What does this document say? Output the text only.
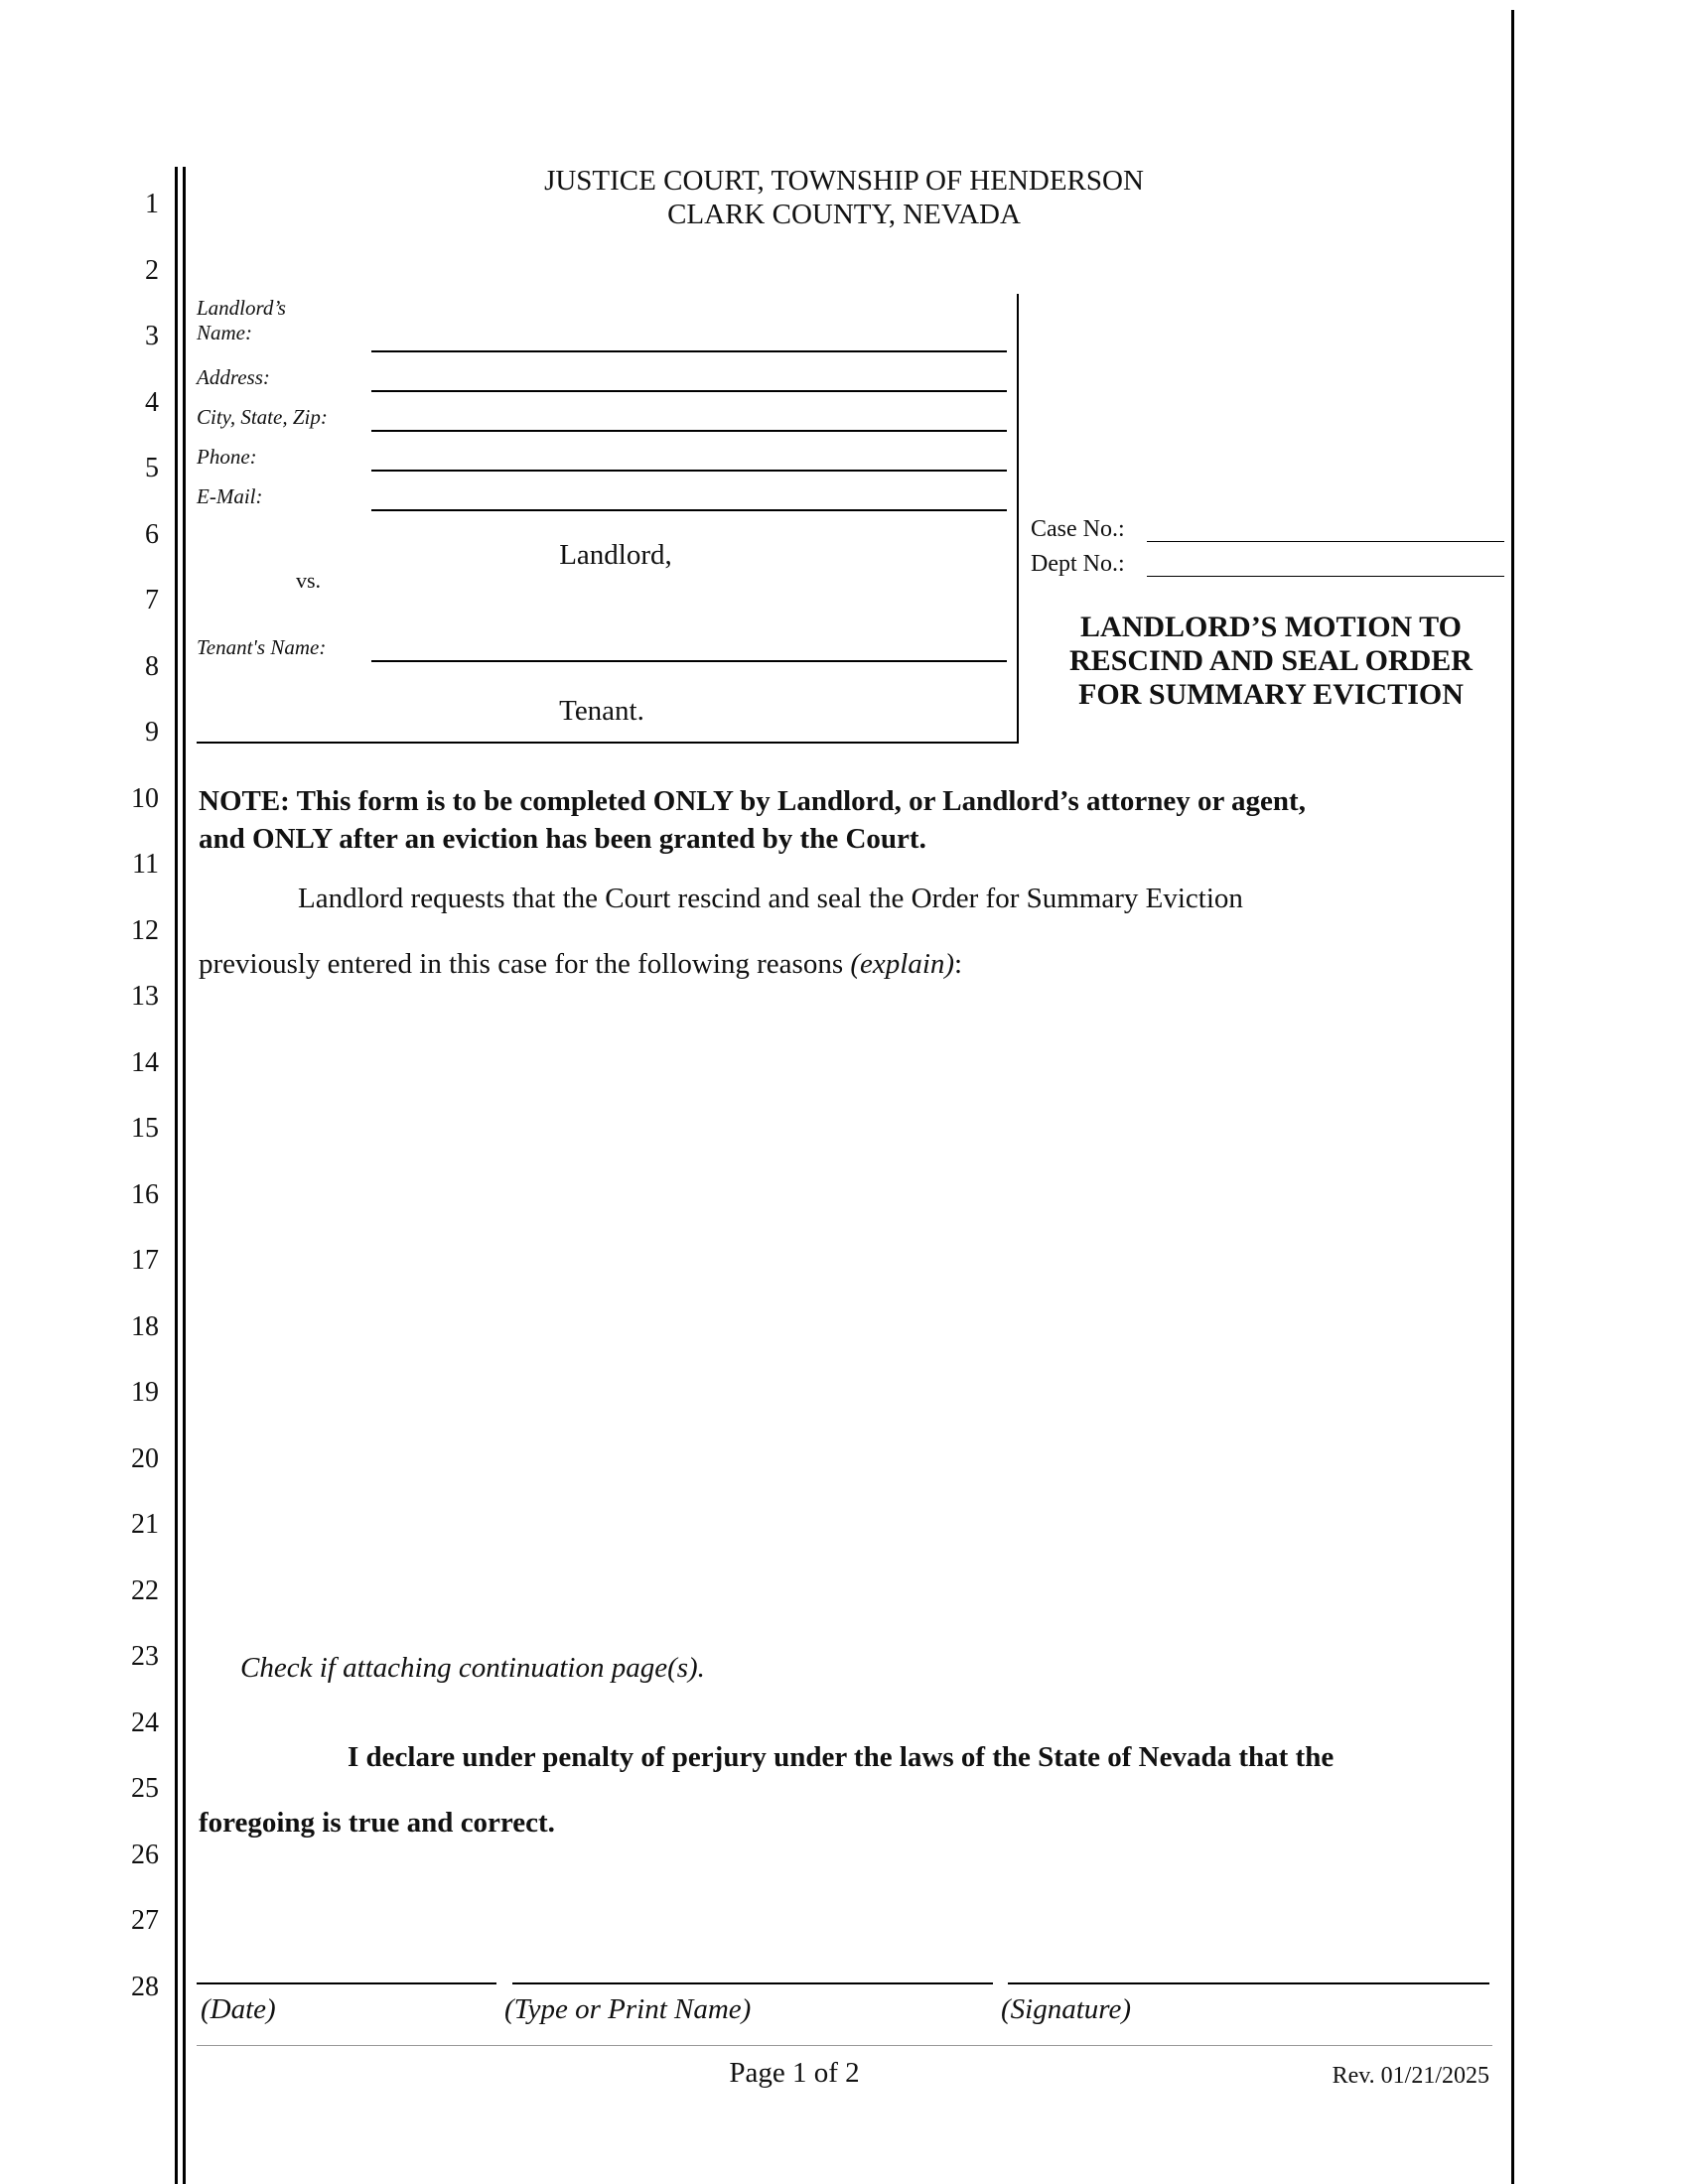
1
2
3
4
5
6
7
8
9
10
11
12
13
14
15
16
17
18
19
20
21
22
23
24
25
26
27
28
JUSTICE COURT, TOWNSHIP OF HENDERSON
CLARK COUNTY, NEVADA
Landlord’s
Name:
Address:
City, State, Zip:
Phone:
E-Mail:
Landlord,
vs.
Tenant's Name:
Tenant.
Case No.:
Dept No.:
LANDLORD’S MOTION TO
RESCIND AND SEAL ORDER
FOR SUMMARY EVICTION
NOTE: This form is to be completed ONLY by Landlord, or Landlord’s attorney or agent,
and ONLY after an eviction has been granted by the Court.
Landlord requests that the Court rescind and seal the Order for Summary Eviction
previously entered in this case for the following reasons (explain):
Check if attaching continuation page(s).
I declare under penalty of perjury under the laws of the State of Nevada that the
foregoing is true and correct.
(Date)	(Type or Print Name)	(Signature)
Page 1 of 2	Rev. 01/21/2025
